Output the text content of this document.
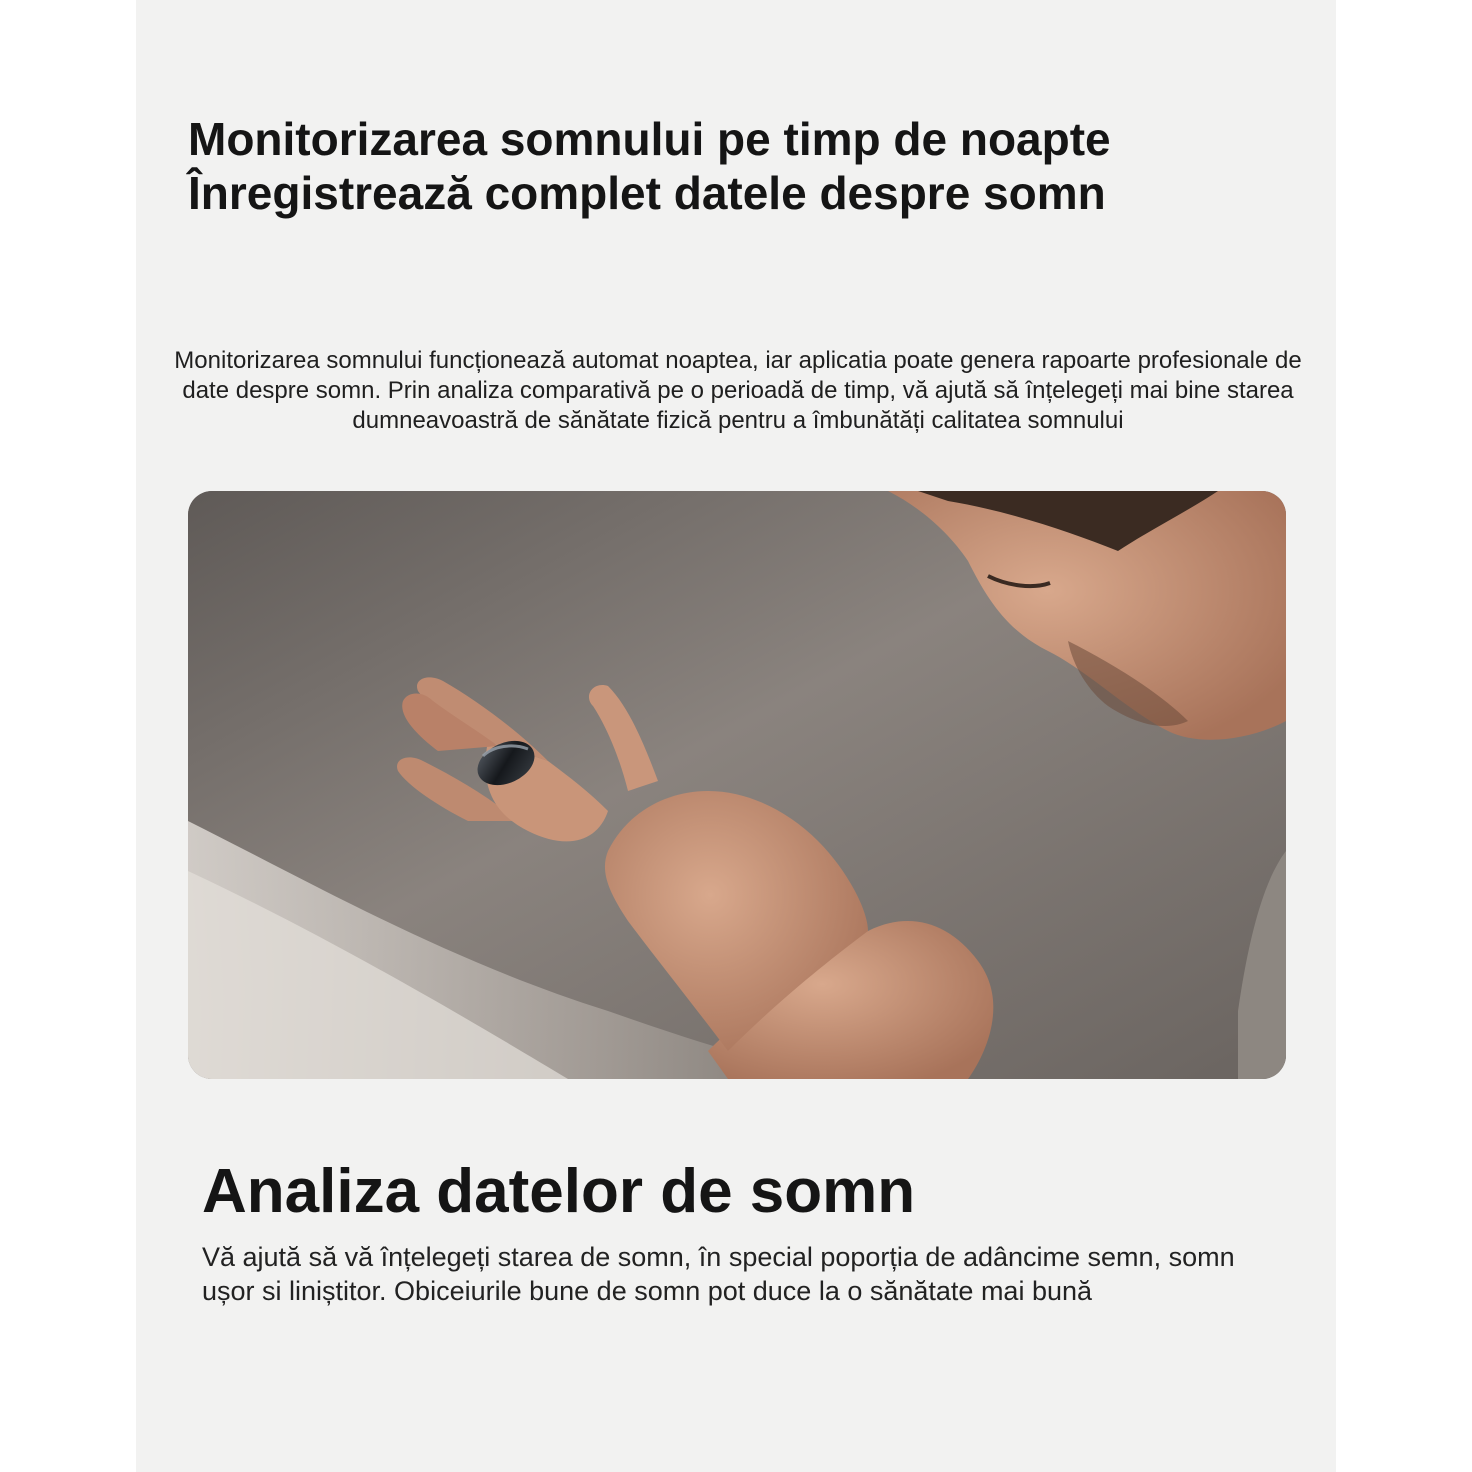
Monitorizarea somnului pe timp de noapte
Înregistrează complet datele despre somn

Monitorizarea somnului funcționează automat noaptea, iar aplicatia poate genera rapoarte profesionale de date despre somn. Prin analiza comparativă pe o perioadă de timp, vă ajută să înțelegeți mai bine starea dumneavoastră de sănătate fizică pentru a îmbunătăți calitatea somnului

Analiza datelor de somn

Vă ajută să vă înțelegeți starea de somn, în special poporția de adâncime semn, somn ușor si liniștitor. Obiceiurile bune de somn pot duce la o sănătate mai bună
